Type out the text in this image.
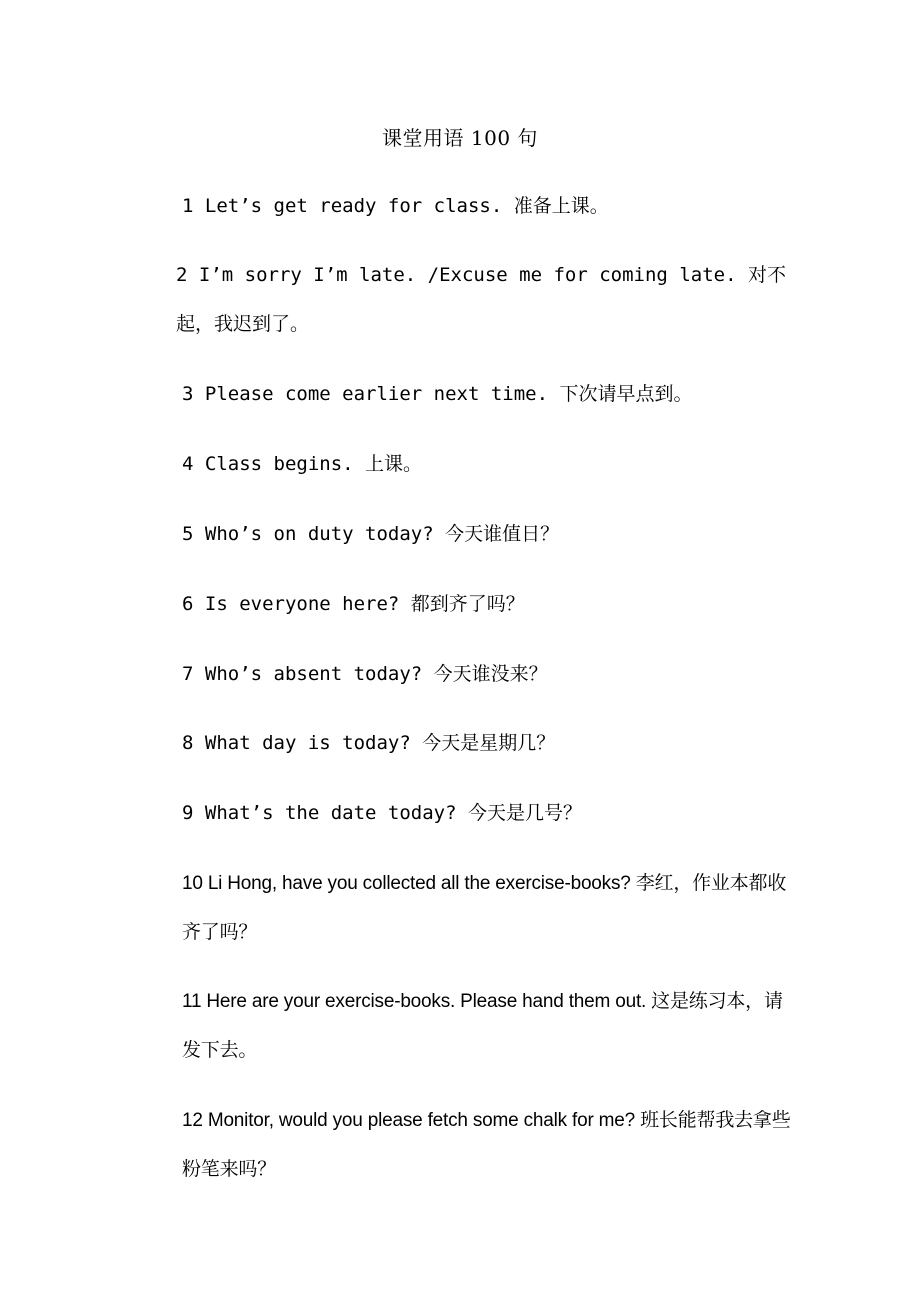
课堂用语 100 句
1 Let’s get ready for class. 准备上课。
2 I’m sorry I’m late. /Excuse me for coming late. 对不起，我迟到了。
3 Please come earlier next time. 下次请早点到。
4 Class begins. 上课。
5 Who’s on duty today? 今天谁值日？
6 Is everyone here? 都到齐了吗？
7 Who’s absent today? 今天谁没来？
8 What day is today? 今天是星期几？
9 What’s the date today? 今天是几号？
10 Li Hong, have you collected all the exercise-books? 李红，作业本都收齐了吗？
11 Here are your exercise-books. Please hand them out. 这是练习本，请发下去。
12 Monitor, would you please fetch some chalk for me? 班长能帮我去拿些粉笔来吗？
